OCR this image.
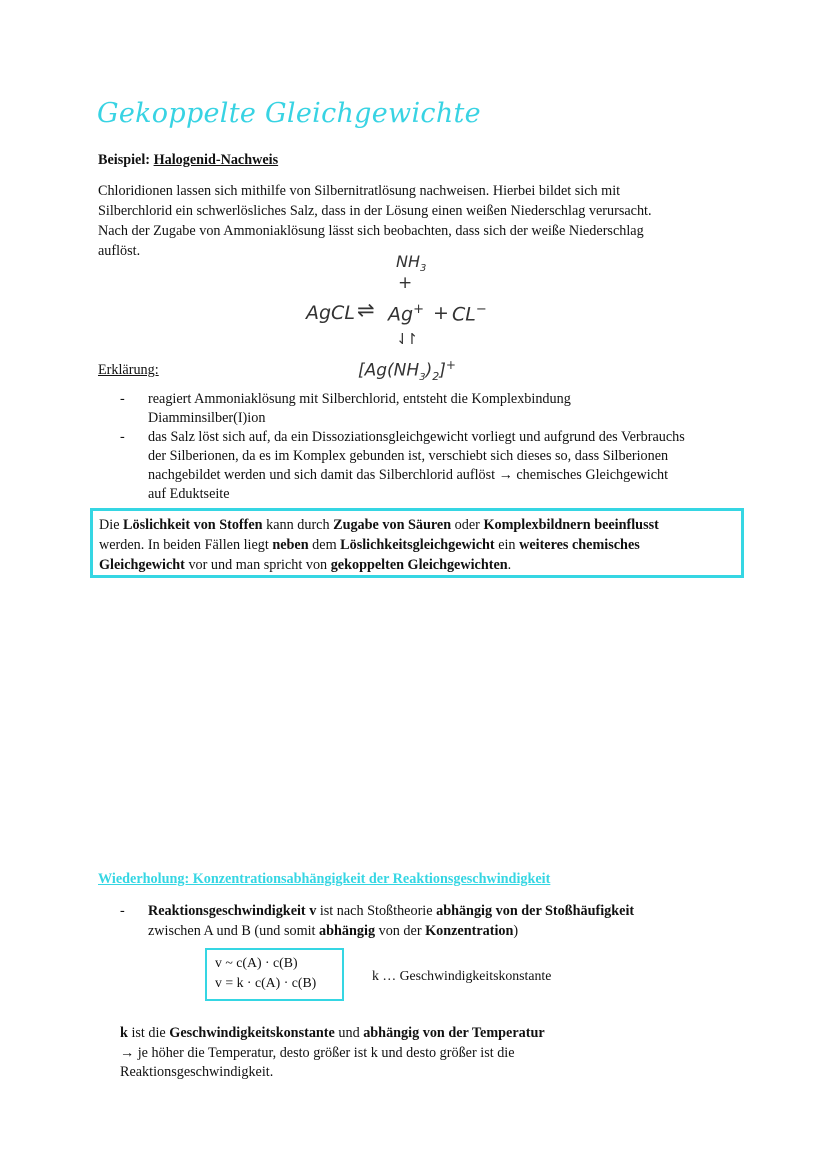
Gekoppelte Gleichgewichte
Beispiel: Halogenid-Nachweis
Chloridionen lassen sich mithilfe von Silbernitratlösung nachweisen. Hierbei bildet sich mit
Silberchlorid ein schwerlösliches Salz, dass in der Lösung einen weißen Niederschlag verursacht.
Nach der Zugabe von Ammoniaklösung lässt sich beobachten, dass sich der weiße Niederschlag
auflöst.
$NH_3$
+
AgCL ⇌ Ag+ + CL−
⇃↾
$[Ag(NH_3)_2]^+$
Erklärung:
- reagiert Ammoniaklösung mit Silberchlorid, entsteht die Komplexbindung
Diamminsilber(I)ion
- das Salz löst sich auf, da ein Dissoziationsgleichgewicht vorliegt und aufgrund des Verbrauchs
der Silberionen, da es im Komplex gebunden ist, verschiebt sich dieses so, dass Silberionen
nachgebildet werden und sich damit das Silberchlorid auflöst → chemisches Gleichgewicht
auf Eduktseite
Die Löslichkeit von Stoffen kann durch Zugabe von Säuren oder Komplexbildnern beeinflusst
werden. In beiden Fällen liegt neben dem Löslichkeitsgleichgewicht ein weiteres chemisches
Gleichgewicht vor und man spricht von gekoppelten Gleichgewichten.
Wiederholung: Konzentrationsabhängigkeit der Reaktionsgeschwindigkeit
- Reaktionsgeschwindigkeit v ist nach Stoßtheorie abhängig von der Stoßhäufigkeit
zwischen A und B (und somit abhängig von der Konzentration)
v ~ c(A) · c(B)
v = k · c(A) · c(B)	k … Geschwindigkeitskonstante
k ist die Geschwindigkeitskonstante und abhängig von der Temperatur
→ je höher die Temperatur, desto größer ist k und desto größer ist die
Reaktionsgeschwindigkeit.
